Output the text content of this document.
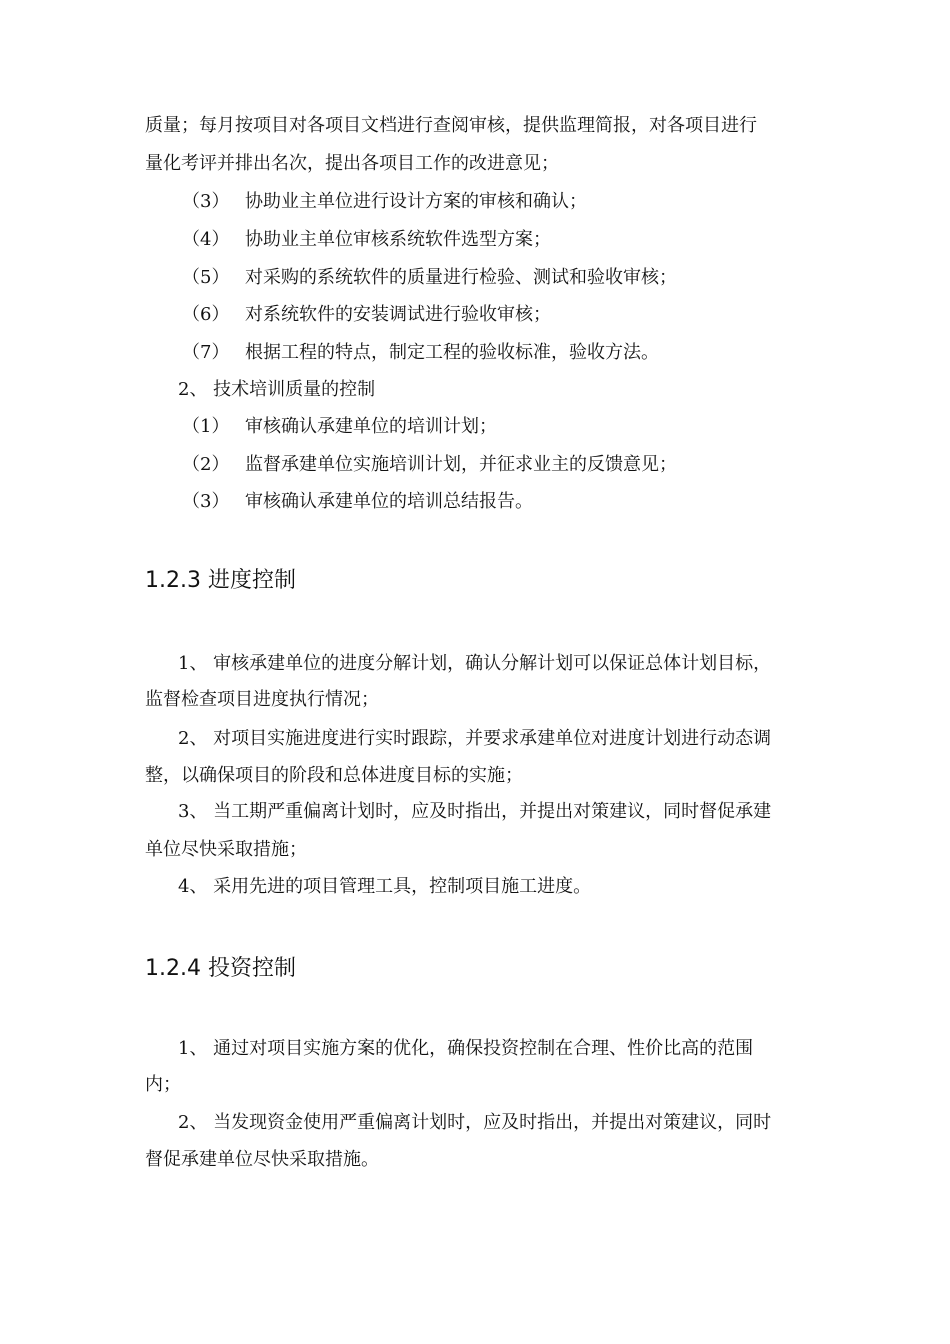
质量；每月按项目对各项目文档进行查阅审核，提供监理简报，对各项目进行
量化考评并排出名次，提出各项目工作的改进意见；
（3） 协助业主单位进行设计方案的审核和确认；
（4） 协助业主单位审核系统软件选型方案；
（5） 对采购的系统软件的质量进行检验、测试和验收审核；
（6） 对系统软件的安装调试进行验收审核；
（7） 根据工程的特点，制定工程的验收标准，验收方法。
2、 技术培训质量的控制
（1） 审核确认承建单位的培训计划；
（2） 监督承建单位实施培训计划，并征求业主的反馈意见；
（3） 审核确认承建单位的培训总结报告。
1.2.3 进度控制
1、 审核承建单位的进度分解计划，确认分解计划可以保证总体计划目标，
监督检查项目进度执行情况；
2、 对项目实施进度进行实时跟踪，并要求承建单位对进度计划进行动态调
整，以确保项目的阶段和总体进度目标的实施；
3、 当工期严重偏离计划时，应及时指出，并提出对策建议，同时督促承建
单位尽快采取措施；
4、 采用先进的项目管理工具，控制项目施工进度。
1.2.4 投资控制
1、 通过对项目实施方案的优化，确保投资控制在合理、性价比高的范围
内；
2、 当发现资金使用严重偏离计划时，应及时指出，并提出对策建议，同时
督促承建单位尽快采取措施。
